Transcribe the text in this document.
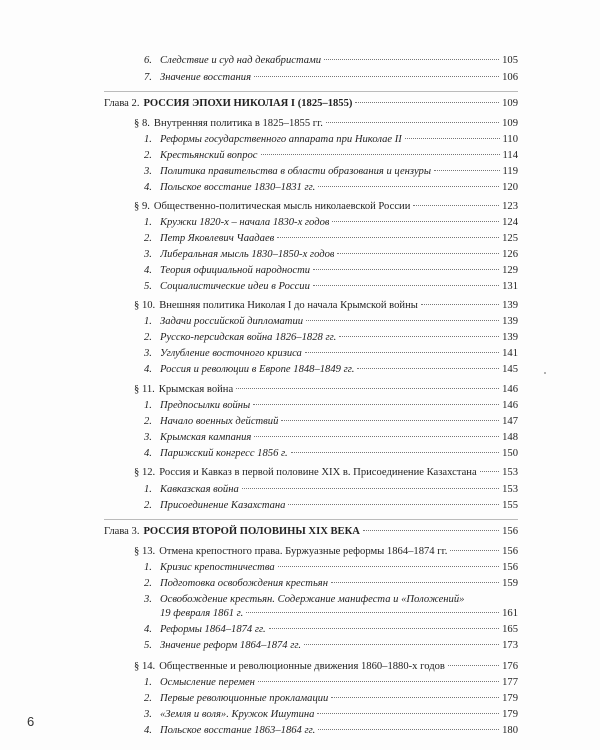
6. Следствие и суд над декабристами	105
7. Значение восстания	106
Глава 2. РОССИЯ ЭПОХИ НИКОЛАЯ I (1825–1855)	109
§ 8. Внутренняя политика в 1825–1855 гг.	109
1. Реформы государственного аппарата при Николае II	110
2. Крестьянский вопрос	114
3. Политика правительства в области образования и цензуры	119
4. Польское восстание 1830–1831 гг.	120
§ 9. Общественно-политическая мысль николаевской России	123
1. Кружки 1820-х – начала 1830-х годов	124
2. Петр Яковлевич Чаадаев	125
3. Либеральная мысль 1830–1850-х годов	126
4. Теория официальной народности	129
5. Социалистические идеи в России	131
§ 10. Внешняя политика Николая I до начала Крымской войны	139
1. Задачи российской дипломатии	139
2. Русско-персидская война 1826–1828 гг.	139
3. Углубление восточного кризиса	141
4. Россия и революции в Европе 1848–1849 гг.	145
§ 11. Крымская война	146
1. Предпосылки войны	146
2. Начало военных действий	147
3. Крымская кампания	148
4. Парижский конгресс 1856 г.	150
§ 12. Россия и Кавказ в первой половине XIX в. Присоединение Казахстана 153
1. Кавказская война	153
2. Присоединение Казахстана	155
Глава 3. РОССИЯ ВТОРОЙ ПОЛОВИНЫ XIX ВЕКА	156
§ 13. Отмена крепостного права. Буржуазные реформы 1864–1874 гг.	156
1. Кризис крепостничества	156
2. Подготовка освобождения крестьян	159
3. Освобождение крестьян. Содержание манифеста и «Положений»
19 февраля 1861 г.	161
4. Реформы 1864–1874 гг.	165
5. Значение реформ 1864–1874 гг.	173
§ 14. Общественные и революционные движения 1860–1880-х годов	176
1. Осмысление перемен	177
2. Первые революционные прокламации	179
3. «Земля и воля». Кружок Ишутина	179
4. Польское восстание 1863–1864 гг.	180
6
